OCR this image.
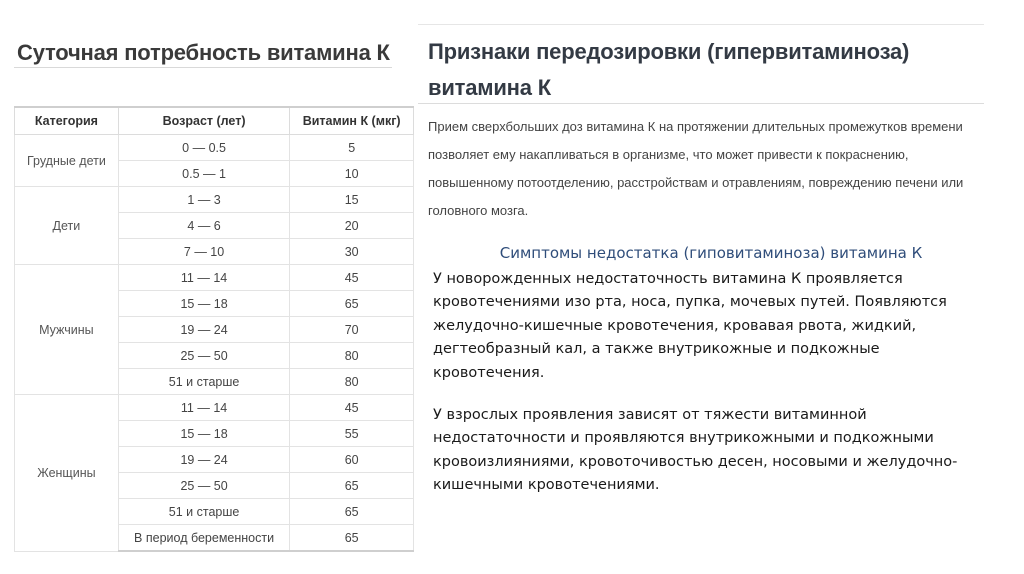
Суточная потребность витамина К
Категория	Возраст (лет)	Витамин К (мкг)
Грудные дети	0 — 0.5	5
	0.5 — 1	10
Дети	1 — 3	15
	4 — 6	20
	7 — 10	30
Мужчины	11 — 14	45
	15 — 18	65
	19 — 24	70
	25 — 50	80
	51 и старше	80
Женщины	11 — 14	45
	15 — 18	55
	19 — 24	60
	25 — 50	65
	51 и старше	65
	В период беременности	65
Признаки передозировки (гипервитаминоза) витамина К

Прием сверхбольших доз витамина К на протяжении длительных промежутков времени позволяет ему накапливаться в организме, что может привести к покраснению, повышенному потоотделению, расстройствам и отравлениям, повреждению печени или головного мозга.

Симптомы недостатка (гиповитаминоза) витамина К

У новорожденных недостаточность витамина К проявляется кровотечениями изо рта, носа, пупка, мочевых путей. Появляются желудочно-кишечные кровотечения, кровавая рвота, жидкий, дегтеобразный кал, а также внутрикожные и подкожные кровотечения.

У взрослых проявления зависят от тяжести витаминной недостаточности и проявляются внутрикожными и подкожными кровоизлияниями, кровоточивостью десен, носовыми и желудочно-кишечными кровотечениями.
